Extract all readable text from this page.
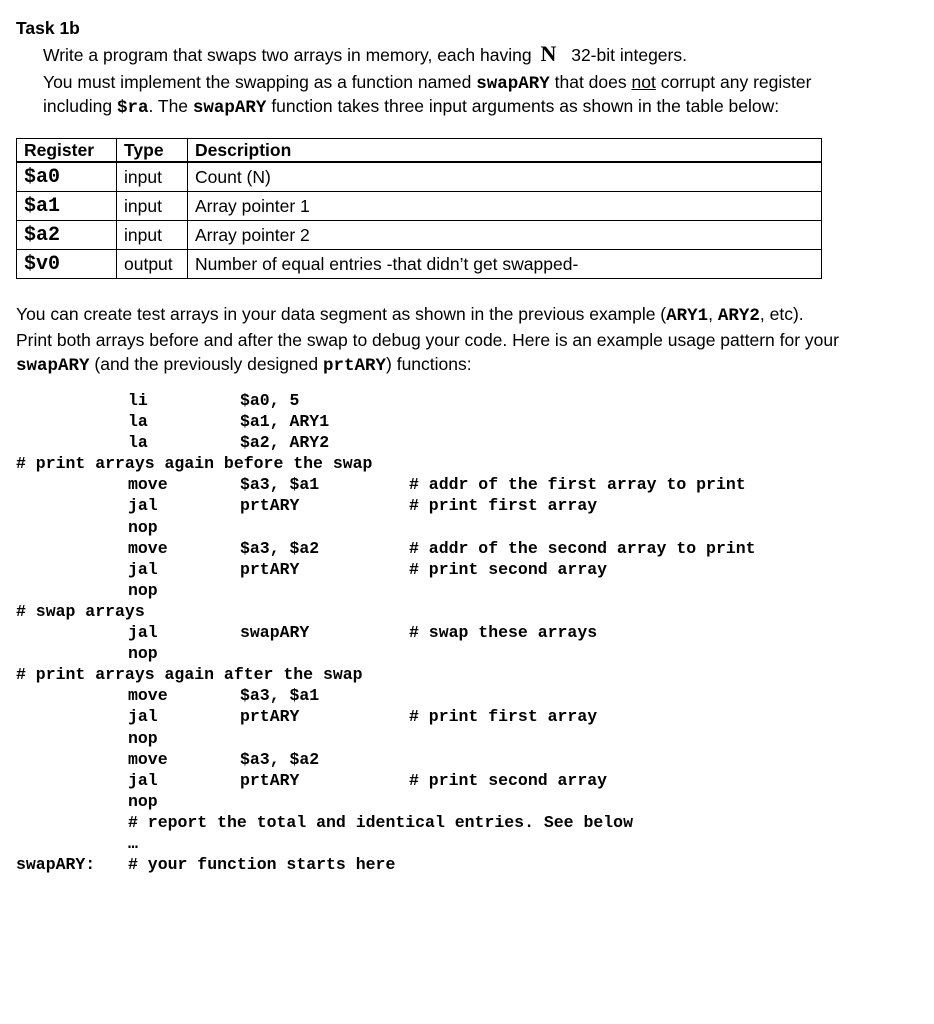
Task 1b
Write a program that swaps two arrays in memory, each having N 32-bit integers.
You must implement the swapping as a function named swapARY that does not corrupt any register
including $ra. The swapARY function takes three input arguments as shown in the table below:
Register	Type	Description
$a0	input	Count (N)
$a1	input	Array pointer 1
$a2	input	Array pointer 2
$v0	output	Number of equal entries -that didn’t get swapped-
You can create test arrays in your data segment as shown in the previous example (ARY1, ARY2, etc).
Print both arrays before and after the swap to debug your code. Here is an example usage pattern for your
swapARY (and the previously designed prtARY) functions:
li	$a0, 5
la	$a1, ARY1
la	$a2, ARY2
# print arrays again before the swap
move	$a3, $a1	# addr of the first array to print
jal	prtARY	# print first array
nop
move	$a3, $a2	# addr of the second array to print
jal	prtARY	# print second array
nop
# swap arrays
jal	swapARY	# swap these arrays
nop
# print arrays again after the swap
move	$a3, $a1
jal	prtARY	# print first array
nop
move	$a3, $a2
jal	prtARY	# print second array
nop
# report the total and identical entries. See below
…
swapARY: # your function starts here
